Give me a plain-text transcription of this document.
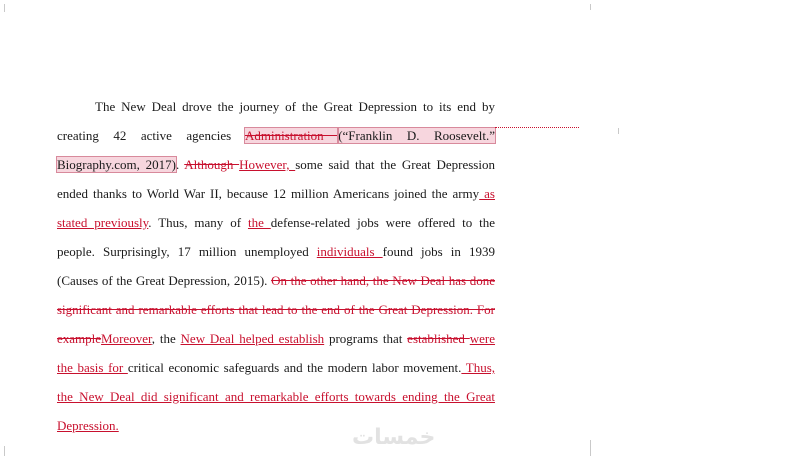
The New Deal drove the journey of the Great Depression to its end by creating 42 active agencies Administration (“Franklin D. Roosevelt.” Biography.com, 2017). Although However, some said that the Great Depression ended thanks to World War II, because 12 million Americans joined the army as stated previously. Thus, many of the defense-related jobs were offered to the people. Surprisingly, 17 million unemployed individuals found jobs in 1939 (Causes of the Great Depression, 2015). On the other hand, the New Deal has done significant and remarkable efforts that lead to the end of the Great Depression. For exampleMoreover, the New Deal helped establish programs that established were the basis for critical economic safeguards and the modern labor movement. Thus, the New Deal did significant and remarkable efforts towards ending the Great Depression.	خمسات
